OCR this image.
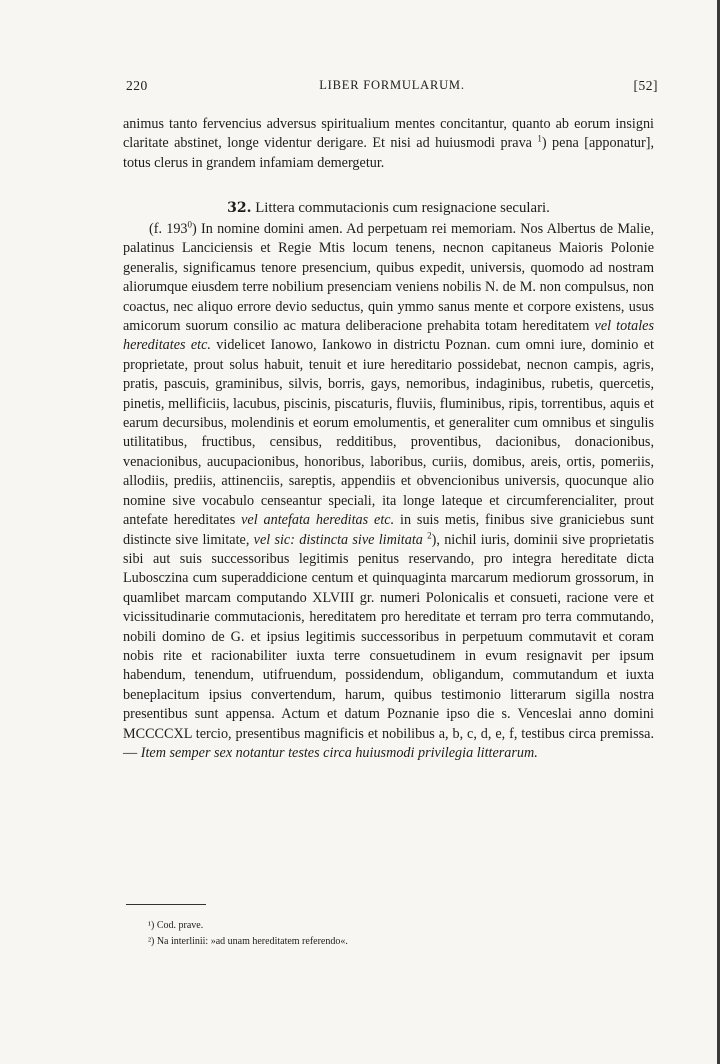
220	LIBER FORMULARUM.	[52]

animus tanto fervencius adversus spiritualium mentes concitantur, quanto ab eorum insigni claritate abstinet, longe videntur derigare. Et nisi ad huiusmodi prava $^1$) pena [apponatur], totus clerus in grandem infamiam demergetur.

32. Littera commutacionis cum resignacione seculari.

(f. $193^0$) In nomine domini amen. Ad perpetuam rei memoriam. Nos Albertus de Malie, palatinus Lanciciensis et Regie Mtis locum tenens, necnon capitaneus Maioris Polonie generalis, significamus tenore presencium, quibus expedit, universis, quomodo ad nostram aliorumque eiusdem terre nobilium presenciam veniens nobilis N. de M. non compulsus, non coactus, nec aliquo errore devio seductus, quin ymmo sanus mente et corpore existens, usus amicorum suorum consilio ac matura deliberacione prehabita totam hereditatem vel totales hereditates etc. videlicet Ianowo, Iankowo in districtu Poznan. cum omni iure, dominio et proprietate, prout solus habuit, tenuit et iure hereditario possidebat, necnon campis, agris, pratis, pascuis, graminibus, silvis, borris, gays, nemoribus, indaginibus, rubetis, quercetis, pinetis, mellificiis, lacubus, piscinis, piscaturis, fluviis, fluminibus, ripis, torrentibus, aquis et earum decursibus, molendinis et eorum emolumentis, et generaliter cum omnibus et singulis utilitatibus, fructibus, censibus, redditibus, proventibus, dacionibus, donacionibus, venacionibus, aucupacionibus, honoribus, laboribus, curiis, domibus, areis, ortis, pomeriis, allodiis, prediis, attinenciis, sareptis, appendiis et obvencionibus universis, quocunque alio nomine sive vocabulo censeantur speciali, ita longe lateque et circumferencialiter, prout antefate hereditates vel antefata hereditas etc. in suis metis, finibus sive graniciebus sunt distincte sive limitate, vel sic: distincta sive limitata $^2$), nichil iuris, dominii sive proprietatis sibi aut suis successoribus legitimis penitus reservando, pro integra hereditate dicta Lubosczina cum superaddicione centum et quinquaginta marcarum mediorum grossorum, in quamlibet marcam computando XLVIII gr. numeri Polonicalis et consueti, racione vere et vicissitudinarie commutacionis, hereditatem pro hereditate et terram pro terra commutando, nobili domino de G. et ipsius legitimis successoribus in perpetuum commutavit et coram nobis rite et racionabiliter iuxta terre consuetudinem in evum resignavit per ipsum habendum, tenendum, utifruendum, possidendum, obligandum, commutandum et iuxta beneplacitum ipsius convertendum, harum, quibus testimonio litterarum sigilla nostra presentibus sunt appensa. Actum et datum Poznanie ipso die s. Venceslai anno domini MCCCCXL tercio, presentibus magnificis et nobilibus a, b, c, d, e, f, testibus circa premissa. — Item semper sex notantur testes circa huiusmodi privilegia litterarum.

¹) Cod. prave.
²) Na interlinii: »ad unam hereditatem referendo«.
